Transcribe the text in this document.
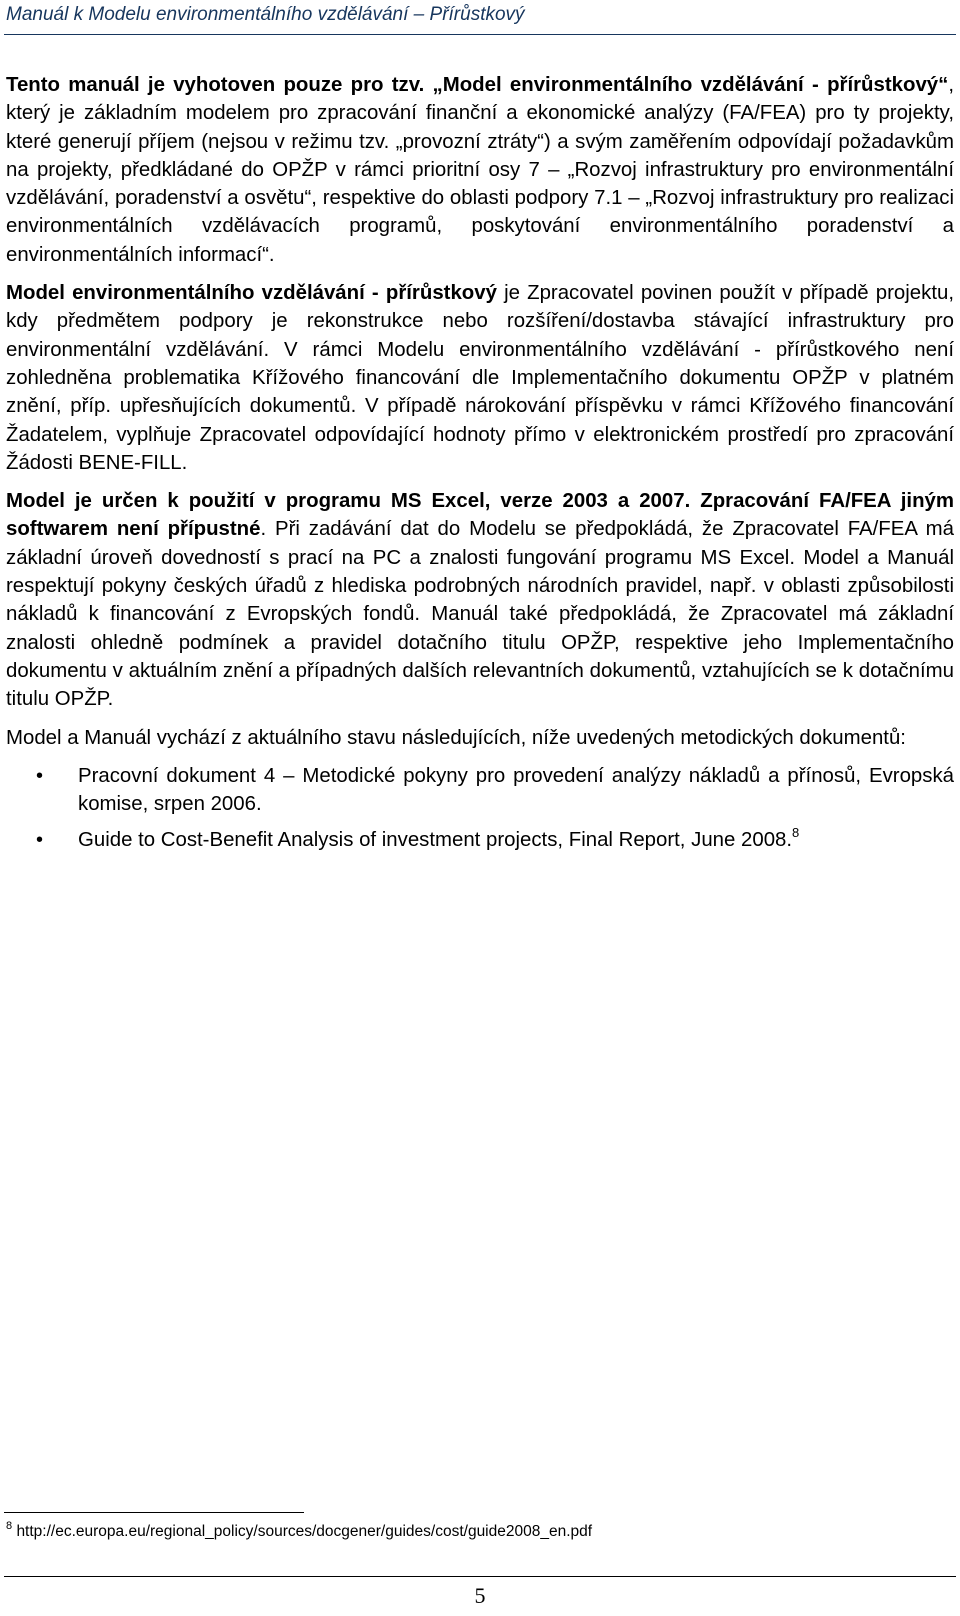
Manuál k Modelu environmentálního vzdělávání – Přírůstkový

Tento manuál je vyhotoven pouze pro tzv. „Model environmentálního vzdělávání - přírůstkový“, který je základním modelem pro zpracování finanční a ekonomické analýzy (FA/FEA) pro ty projekty, které generují příjem (nejsou v režimu tzv. „provozní ztráty“) a svým zaměřením odpovídají požadavkům na projekty, předkládané do OPŽP v rámci prioritní osy 7 – „Rozvoj infrastruktury pro environmentální vzdělávání, poradenství a osvětu“, respektive do oblasti podpory 7.1 – „Rozvoj infrastruktury pro realizaci environmentálních vzdělávacích programů, poskytování environmentálního poradenství a environmentálních informací“.

Model environmentálního vzdělávání - přírůstkový je Zpracovatel povinen použít v případě projektu, kdy předmětem podpory je rekonstrukce nebo rozšíření/dostavba stávající infrastruktury pro environmentální vzdělávání. V rámci Modelu environmentálního vzdělávání - přírůstkového není zohledněna problematika Křížového financování dle Implementačního dokumentu OPŽP v platném znění, příp. upřesňujících dokumentů. V případě nárokování příspěvku v rámci Křížového financování Žadatelem, vyplňuje Zpracovatel odpovídající hodnoty přímo v elektronickém prostředí pro zpracování Žádosti BENE-FILL.

Model je určen k použití v programu MS Excel, verze 2003 a 2007. Zpracování FA/FEA jiným softwarem není přípustné. Při zadávání dat do Modelu se předpokládá, že Zpracovatel FA/FEA má základní úroveň dovedností s prací na PC a znalosti fungování programu MS Excel. Model a Manuál respektují pokyny českých úřadů z hlediska podrobných národních pravidel, např. v oblasti způsobilosti nákladů k financování z Evropských fondů. Manuál také předpokládá, že Zpracovatel má základní znalosti ohledně podmínek a pravidel dotačního titulu OPŽP, respektive jeho Implementačního dokumentu v aktuálním znění a případných dalších relevantních dokumentů, vztahujících se k dotačnímu titulu OPŽP.

Model a Manuál vychází z aktuálního stavu následujících, níže uvedených metodických dokumentů:

• Pracovní dokument 4 – Metodické pokyny pro provedení analýzy nákladů a přínosů, Evropská komise, srpen 2006.
• Guide to Cost-Benefit Analysis of investment projects, Final Report, June 2008.$^8$
$^8$ http://ec.europa.eu/regional_policy/sources/docgener/guides/cost/guide2008_en.pdf
5
